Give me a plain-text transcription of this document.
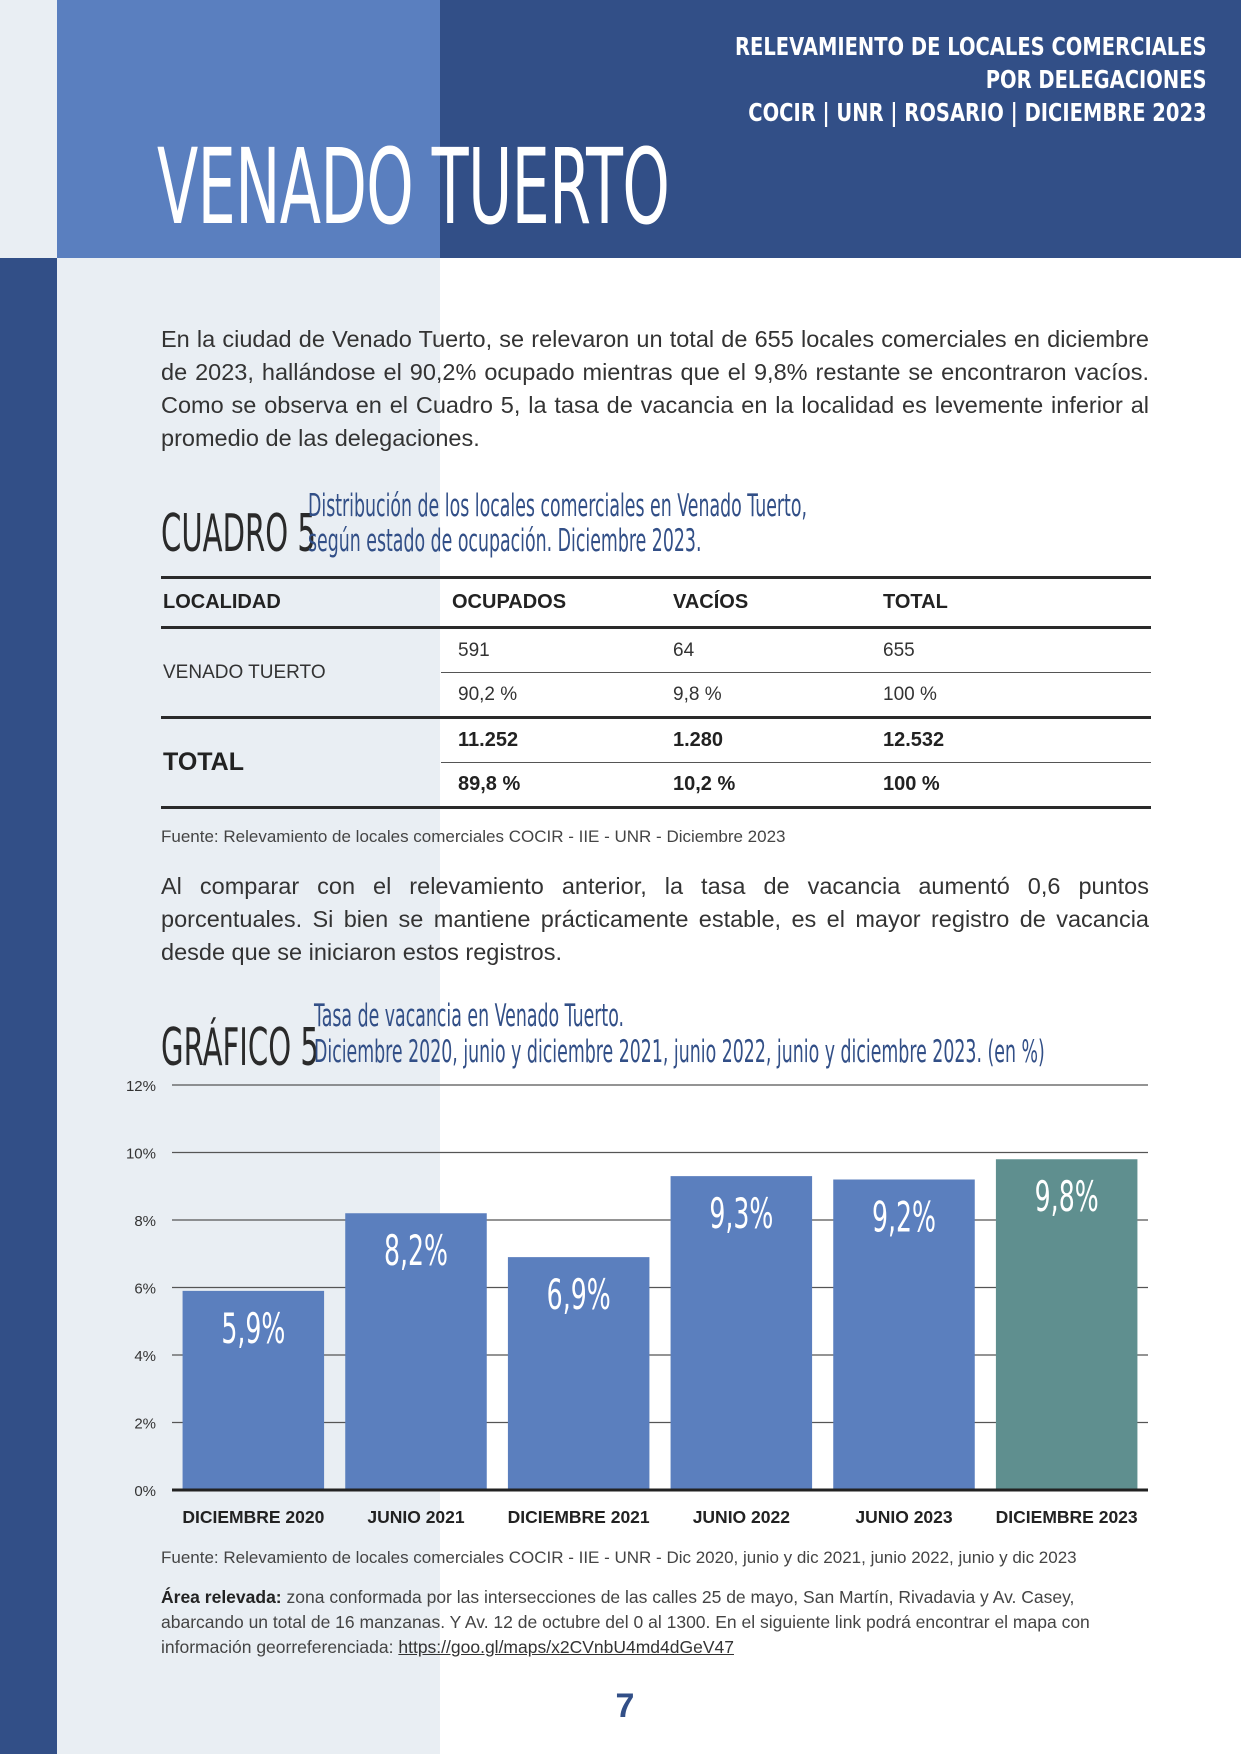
RELEVAMIENTO DE LOCALES COMERCIALES
POR DELEGACIONES
COCIR | UNR | ROSARIO | DICIEMBRE 2023
VENADO TUERTO

En la ciudad de Venado Tuerto, se relevaron un total de 655 locales comerciales en diciembre de 2023, hallándose el 90,2% ocupado mientras que el 9,8% restante se encontraron vacíos. Como se observa en el Cuadro 5, la tasa de vacancia en la localidad es levemente inferior al promedio de las delegaciones.

CUADRO 5
Distribución de los locales comerciales en Venado Tuerto,
según estado de ocupación. Diciembre 2023.
LOCALIDAD		OCUPADOS	VACÍOS	TOTAL
VENADO TUERTO		591	64	655
		90,2 %	9,8 %	100 %
TOTAL		11.252	1.280	12.532
		89,8 %	10,2 %	100 %
Fuente: Relevamiento de locales comerciales COCIR - IIE - UNR - Diciembre 2023

Al comparar con el relevamiento anterior, la tasa de vacancia aumentó 0,6 puntos porcentuales. Si bien se mantiene prácticamente estable, es el mayor registro de vacancia desde que se iniciaron estos registros.

GRÁFICO 5
Tasa de vacancia en Venado Tuerto.
Diciembre 2020, junio y diciembre 2021, junio 2022, junio y diciembre 2023. (en %)
0%
2%
4%
6%
8%
10%
12%
5,9%
DICIEMBRE 2020
8,2%
JUNIO 2021
6,9%
DICIEMBRE 2021
9,3%
JUNIO 2022
9,2%
JUNIO 2023
9,8%
DICIEMBRE 2023
Fuente: Relevamiento de locales comerciales COCIR - IIE - UNR - Dic 2020, junio y dic 2021, junio 2022, junio y dic 2023
Área relevada: zona conformada por las intersecciones de las calles 25 de mayo, San Martín, Rivadavia y Av. Casey, abarcando un total de 16 manzanas. Y Av. 12 de octubre del 0 al 1300. En el siguiente link podrá encontrar el mapa con información georreferenciada: https://goo.gl/maps/x2CVnbU4md4dGeV47
7
